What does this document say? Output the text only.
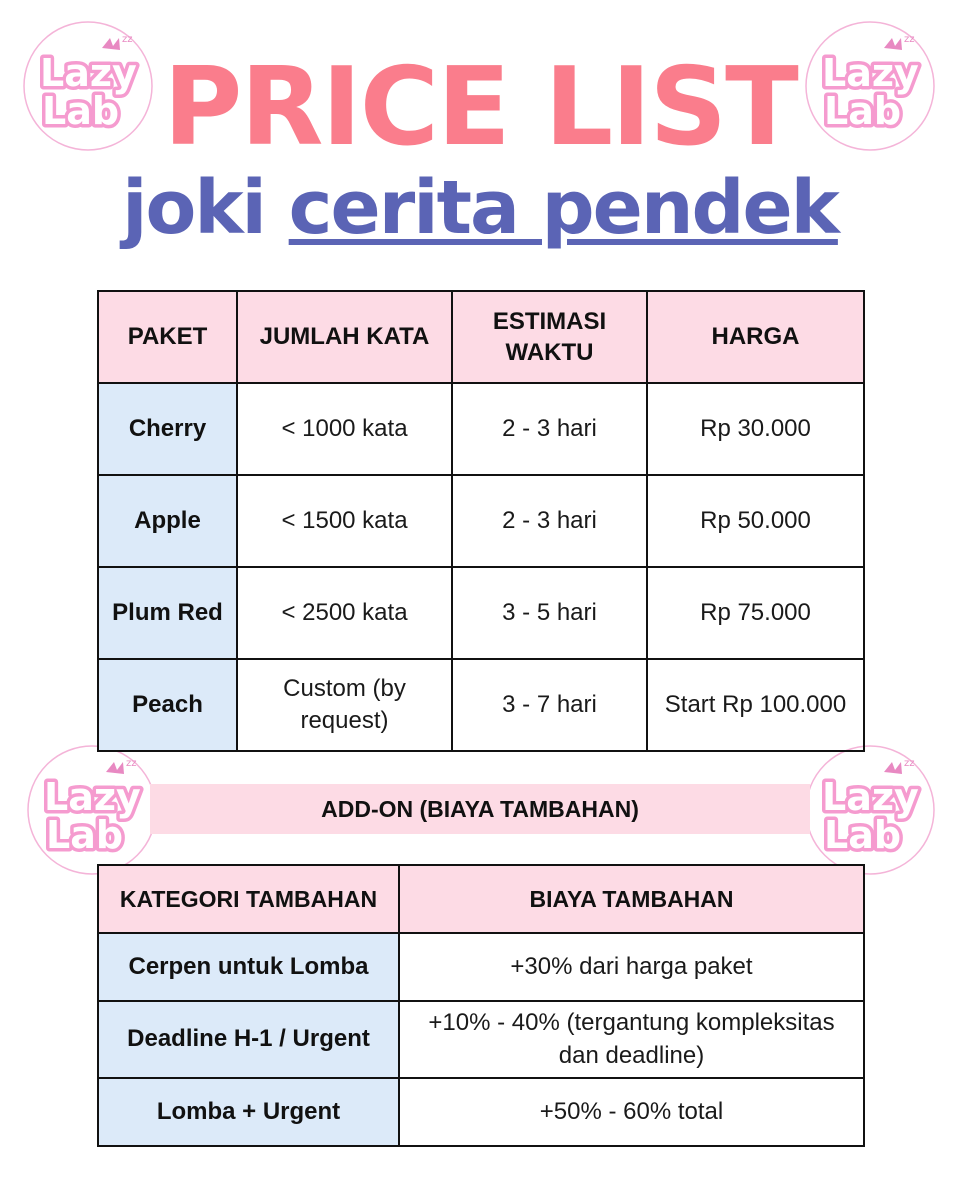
zz
Lazy
Lab
zz
Lazy
Lab
zz
Lazy
Lab
zz
Lazy
Lab
PRICE LIST
joki cerita pendek
PAKET	JUMLAH KATA	ESTIMASI WAKTU	HARGA
Cherry	< 1000 kata	2 - 3 hari	Rp 30.000
Apple	< 1500 kata	2 - 3 hari	Rp 50.000
Plum Red	< 2500 kata	3 - 5 hari	Rp 75.000
Peach	Custom (by request)	3 - 7 hari	Start Rp 100.000
ADD-ON (BIAYA TAMBAHAN)
KATEGORI TAMBAHAN	BIAYA TAMBAHAN
Cerpen untuk Lomba	+30% dari harga paket
Deadline H-1 / Urgent	+10% - 40% (tergantung kompleksitas dan deadline)

Lomba + Urgent	+50% - 60% total
